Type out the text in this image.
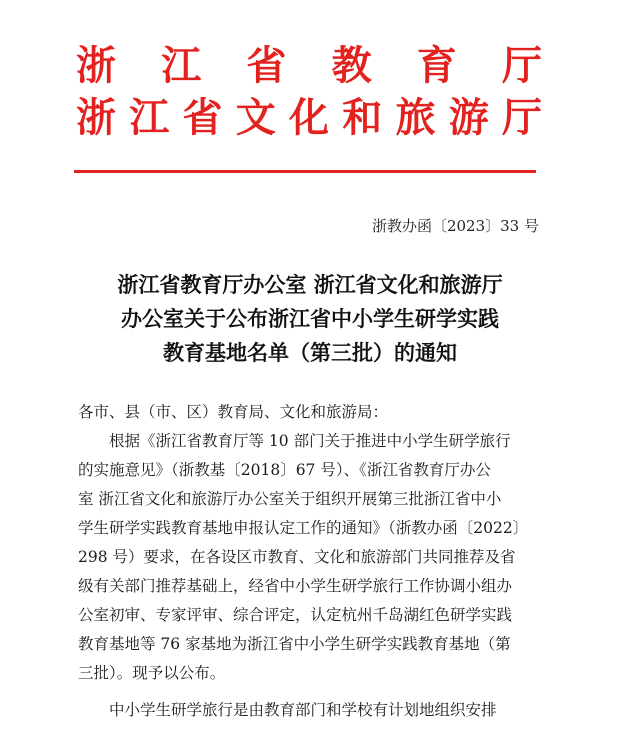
浙 江 省 教 育 厅
浙 江 省 文 化 和 旅 游 厅
浙教办函〔2023〕33 号
浙江省教育厅办公室 浙江省文化和旅游厅
办公室关于公布浙江省中小学生研学实践
教育基地名单（第三批）的通知
各市、县（市、区）教育局、文化和旅游局：

根据《浙江省教育厅等 10 部门关于推进中小学生研学旅行

的实施意见》（浙教基〔2018〕67 号）、《浙江省教育厅办公

室 浙江省文化和旅游厅办公室关于组织开展第三批浙江省中小

学生研学实践教育基地申报认定工作的通知》（浙教办函〔2022〕

298 号）要求，在各设区市教育、文化和旅游部门共同推荐及省

级有关部门推荐基础上，经省中小学生研学旅行工作协调小组办

公室初审、专家评审、综合评定，认定杭州千岛湖红色研学实践

教育基地等 76 家基地为浙江省中小学生研学实践教育基地（第

三批）。现予以公布。

中小学生研学旅行是由教育部门和学校有计划地组织安排
